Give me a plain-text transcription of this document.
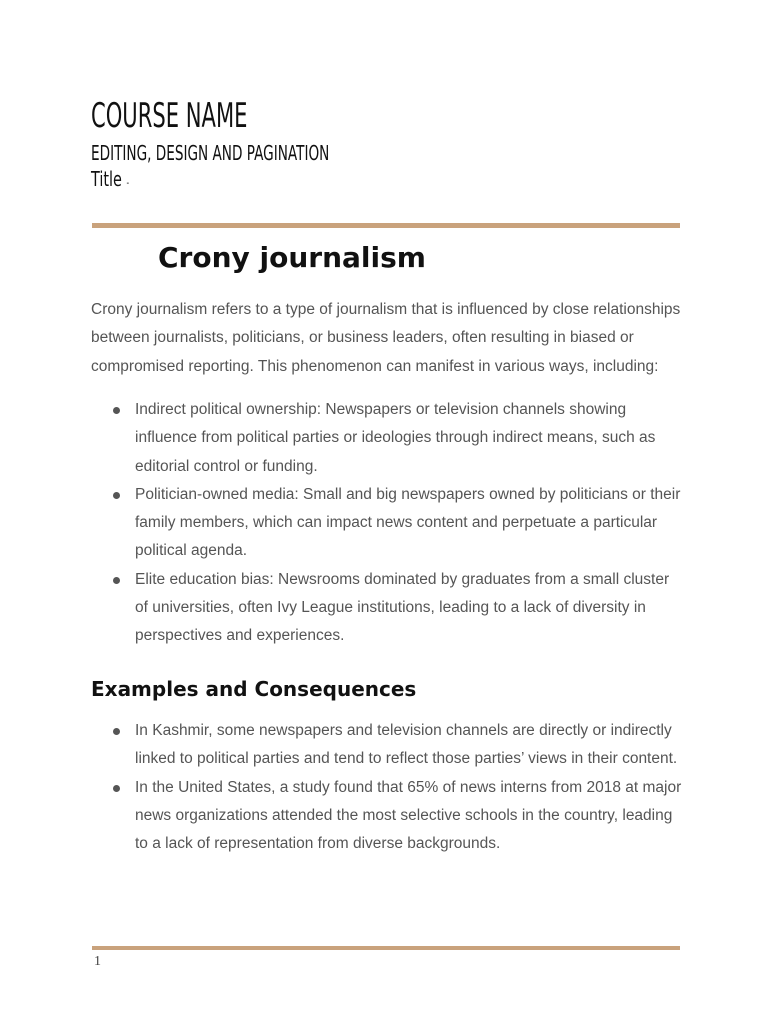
COURSE NAME
EDITING, DESIGN AND PAGINATION
Title -
Crony journalism

Crony journalism refers to a type of journalism that is influenced by close relationships between journalists, politicians, or business leaders, often resulting in biased or compromised reporting. This phenomenon can manifest in various ways, including:

Indirect political ownership: Newspapers or television channels showing influence from political parties or ideologies through indirect means, such as editorial control or funding.
Politician-owned media: Small and big newspapers owned by politicians or their family members, which can impact news content and perpetuate a particular political agenda.
Elite education bias: Newsrooms dominated by graduates from a small cluster of universities, often Ivy League institutions, leading to a lack of diversity in perspectives and experiences.
Examples and Consequences
In Kashmir, some newspapers and television channels are directly or indirectly linked to political parties and tend to reflect those parties’ views in their content.
In the United States, a study found that 65% of news interns from 2018 at major news organizations attended the most selective schools in the country, leading to a lack of representation from diverse backgrounds.
1
